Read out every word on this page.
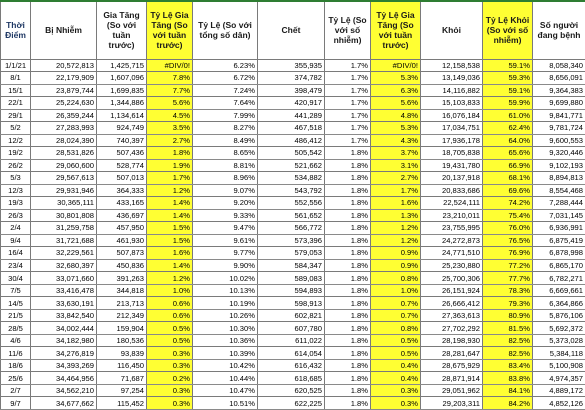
Thời Điểm	Bị Nhiễm	Gia Tăng (So với tuần trước)	Tỷ Lệ Gia Tăng (So với tuần trước)	Tỷ Lệ (So với tổng số dân)	Chết	Tỷ Lệ (So với số nhiễm)	Tỷ Lệ Gia Tăng (So với tuần trước)	Khỏi	Tỷ Lệ Khỏi (So với số nhiễm)	Số người đang bệnh
1/1/21	20,572,813	1,425,715	#DIV/0!	6.23%	355,935	1.7%	#DIV/0!	12,158,538	59.1%	8,058,340
8/1	22,179,909	1,607,096	7.8%	6.72%	374,782	1.7%	5.3%	13,149,036	59.3%	8,656,091
15/1	23,879,744	1,699,835	7.7%	7.24%	398,479	1.7%	6.3%	14,116,882	59.1%	9,364,383
22/1	25,224,630	1,344,886	5.6%	7.64%	420,917	1.7%	5.6%	15,103,833	59.9%	9,699,880
29/1	26,359,244	1,134,614	4.5%	7.99%	441,289	1.7%	4.8%	16,076,184	61.0%	9,841,771
5/2	27,283,993	924,749	3.5%	8.27%	467,518	1.7%	5.3%	17,034,751	62.4%	9,781,724
12/2	28,024,390	740,397	2.7%	8.49%	486,412	1.7%	4.3%	17,936,178	64.0%	9,600,553
19/2	28,531,826	507,436	1.8%	8.65%	505,542	1.8%	3.7%	18,705,838	65.6%	9,320,446
26/2	29,060,600	528,774	1.9%	8.81%	521,662	1.8%	3.1%	19,431,780	66.9%	9,102,193
5/3	29,567,613	507,013	1.7%	8.96%	534,882	1.8%	2.7%	20,137,918	68.1%	8,894,813
12/3	29,931,946	364,333	1.2%	9.07%	543,792	1.8%	1.7%	20,833,686	69.6%	8,554,468
19/3	30,365,111	433,165	1.4%	9.20%	552,556	1.8%	1.6%	22,524,111	74.2%	7,288,444
26/3	30,801,808	436,697	1.4%	9.33%	561,652	1.8%	1.3%	23,210,011	75.4%	7,031,145
2/4	31,259,758	457,950	1.5%	9.47%	566,772	1.8%	1.2%	23,755,995	76.0%	6,936,991
9/4	31,721,688	461,930	1.5%	9.61%	573,396	1.8%	1.2%	24,272,873	76.5%	6,875,419
16/4	32,229,561	507,873	1.6%	9.77%	579,053	1.8%	0.9%	24,771,510	76.9%	6,878,998
23/4	32,680,397	450,836	1.4%	9.90%	584,347	1.8%	0.9%	25,230,880	77.2%	6,865,170
30/4	33,071,660	391,263	1.2%	10.02%	589,083	1.8%	0.8%	25,700,306	77.7%	6,782,271
7/5	33,416,478	344,818	1.0%	10.13%	594,893	1.8%	1.0%	26,151,924	78.3%	6,669,661
14/5	33,630,191	213,713	0.6%	10.19%	598,913	1.8%	0.7%	26,666,412	79.3%	6,364,866
21/5	33,842,540	212,349	0.6%	10.26%	602,821	1.8%	0.7%	27,363,613	80.9%	5,876,106
28/5	34,002,444	159,904	0.5%	10.30%	607,780	1.8%	0.8%	27,702,292	81.5%	5,692,372
4/6	34,182,980	180,536	0.5%	10.36%	611,022	1.8%	0.5%	28,198,930	82.5%	5,373,028
11/6	34,276,819	93,839	0.3%	10.39%	614,054	1.8%	0.5%	28,281,647	82.5%	5,384,118
18/6	34,393,269	116,450	0.3%	10.42%	616,432	1.8%	0.4%	28,675,929	83.4%	5,100,908
25/6	34,464,956	71,687	0.2%	10.44%	618,685	1.8%	0.4%	28,871,914	83.8%	4,974,357
2/7	34,562,210	97,254	0.3%	10.47%	620,525	1.8%	0.3%	29,051,962	84.1%	4,889,172
9/7	34,677,662	115,452	0.3%	10.51%	622,225	1.8%	0.3%	29,203,311	84.2%	4,852,126
